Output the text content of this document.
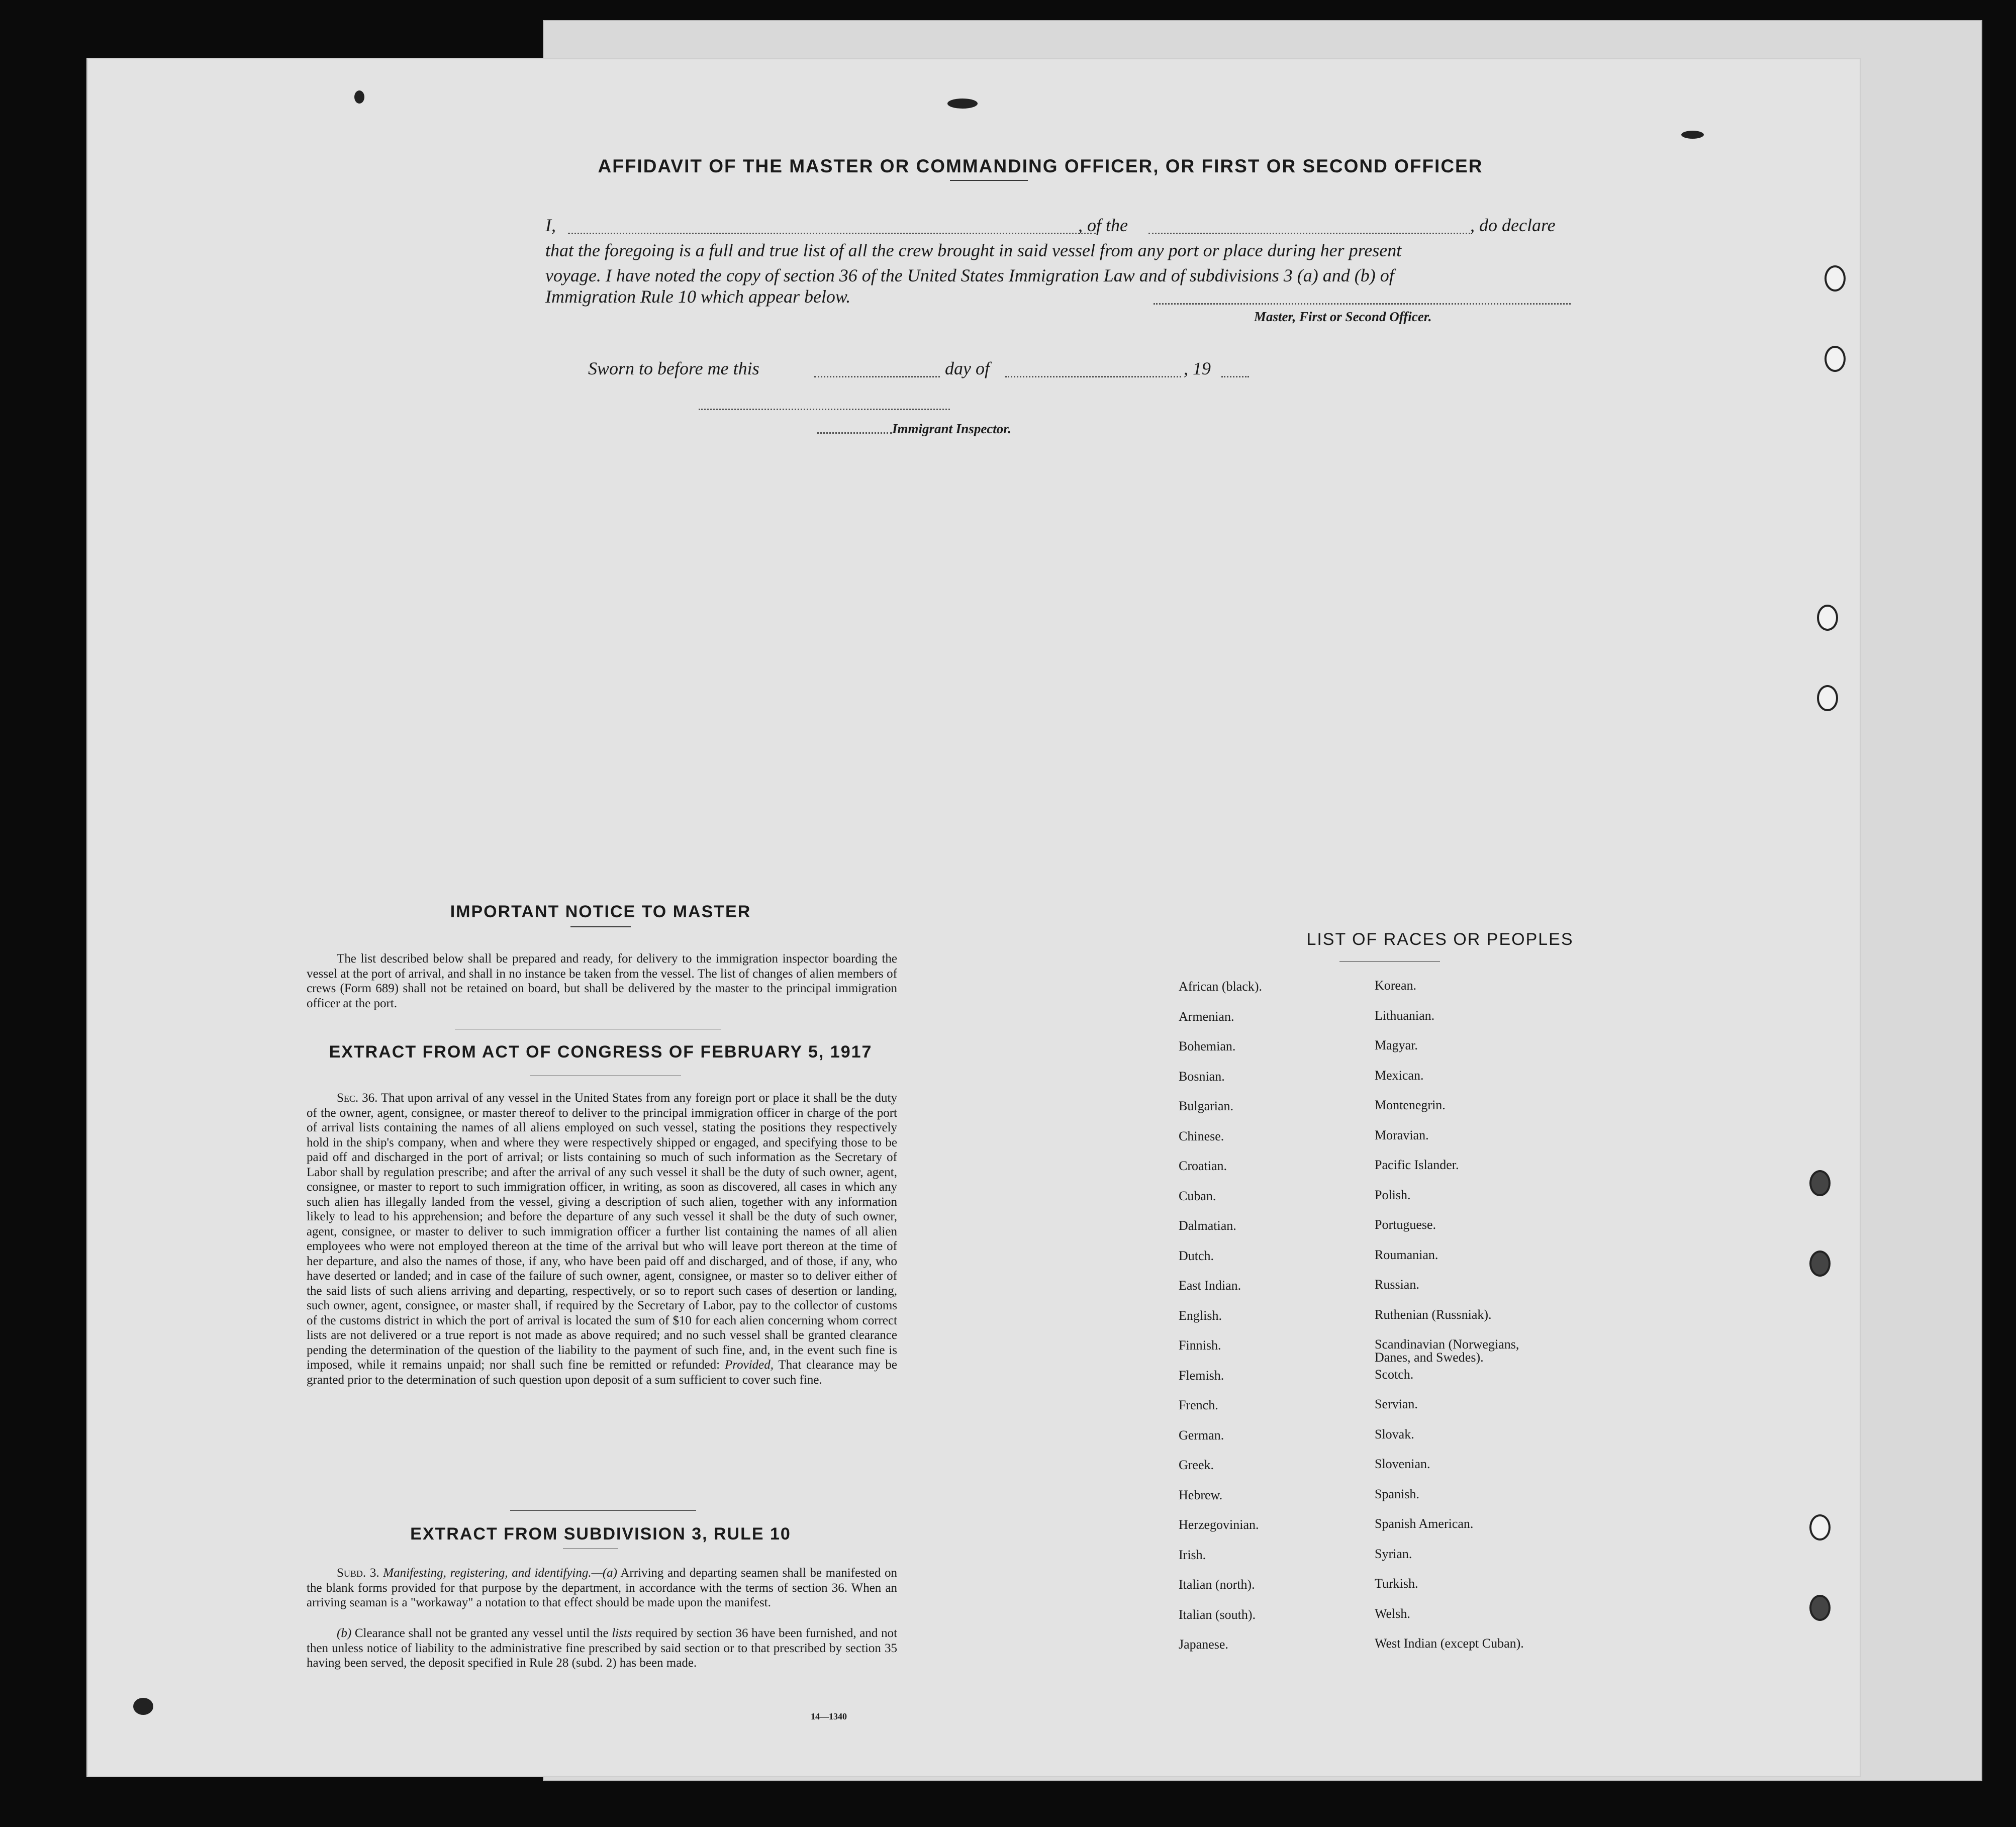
AFFIDAVIT OF THE MASTER OR COMMANDING OFFICER, OR FIRST OR SECOND OFFICER
I,	, of the	, do declare
that the foregoing is a full and true list of all the crew brought in said vessel from any port or place during her present
voyage. I have noted the copy of section 36 of the United States Immigration Law and of subdivisions 3 (a) and (b) of
Immigration Rule 10 which appear below.
Master, First or Second Officer.
Sworn to before me this	day of	, 19
Immigrant Inspector.
IMPORTANT NOTICE TO MASTER
The list described below shall be prepared and ready, for delivery to the immigration inspector boarding the vessel at the port of arrival, and shall in no instance be taken from the vessel. The list of changes of alien members of crews (Form 689) shall not be retained on board, but shall be delivered by the master to the principal immigration officer at the port.
EXTRACT FROM ACT OF CONGRESS OF FEBRUARY 5, 1917
Sec. 36. That upon arrival of any vessel in the United States from any foreign port or place it shall be the duty of the owner, agent, consignee, or master thereof to deliver to the principal immigration officer in charge of the port of arrival lists containing the names of all aliens employed on such vessel, stating the positions they respectively hold in the ship's company, when and where they were respectively shipped or engaged, and specifying those to be paid off and discharged in the port of arrival; or lists containing so much of such information as the Secretary of Labor shall by regulation prescribe; and after the arrival of any such vessel it shall be the duty of such owner, agent, consignee, or master to report to such immigration officer, in writing, as soon as discovered, all cases in which any such alien has illegally landed from the vessel, giving a description of such alien, together with any information likely to lead to his apprehension; and before the departure of any such vessel it shall be the duty of such owner, agent, consignee, or master to deliver to such immigration officer a further list containing the names of all alien employees who were not employed thereon at the time of the arrival but who will leave port thereon at the time of her departure, and also the names of those, if any, who have been paid off and discharged, and of those, if any, who have deserted or landed; and in case of the failure of such owner, agent, consignee, or master so to deliver either of the said lists of such aliens arriving and departing, respectively, or so to report such cases of desertion or landing, such owner, agent, consignee, or master shall, if required by the Secretary of Labor, pay to the collector of customs of the customs district in which the port of arrival is located the sum of $10 for each alien concerning whom correct lists are not delivered or a true report is not made as above required; and no such vessel shall be granted clearance pending the determination of the question of the liability to the payment of such fine, and, in the event such fine is imposed, while it remains unpaid; nor shall such fine be remitted or refunded: Provided, That clearance may be granted prior to the determination of such question upon deposit of a sum sufficient to cover such fine.
EXTRACT FROM SUBDIVISION 3, RULE 10
Subd. 3. Manifesting, registering, and identifying.—(a) Arriving and departing seamen shall be manifested on the blank forms provided for that purpose by the department, in accordance with the terms of section 36. When an arriving seaman is a "workaway" a notation to that effect should be made upon the manifest.
(b) Clearance shall not be granted any vessel until the lists required by section 36 have been furnished, and not then unless notice of liability to the administrative fine prescribed by said section or to that prescribed by section 35 having been served, the deposit specified in Rule 28 (subd. 2) has been made.
14—1340
LIST OF RACES OR PEOPLES
African (black).	Korean.
Armenian.	Lithuanian.
Bohemian.	Magyar.
Bosnian.	Mexican.
Bulgarian.	Montenegrin.
Chinese.	Moravian.
Croatian.	Pacific Islander.
Cuban.	Polish.
Dalmatian.	Portuguese.
Dutch.	Roumanian.
East Indian.	Russian.
English.	Ruthenian (Russniak).
Finnish.	Scandinavian (Norwegians, Danes, and Swedes).
Flemish.	Scotch.
French.	Servian.
German.	Slovak.
Greek.	Slovenian.
Hebrew.	Spanish.
Herzegovinian.	Spanish American.
Irish.	Syrian.
Italian (north).	Turkish.
Italian (south).	Welsh.
Japanese.	West Indian (except Cuban).
